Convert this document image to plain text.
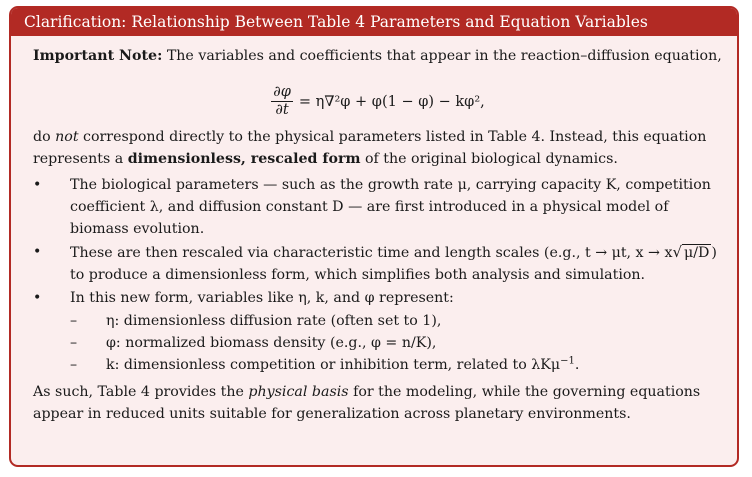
Clarification: Relationship Between Table 4 Parameters and Equation Variables

Important Note: The variables and coefficients that appear in the reaction–diffusion equation,

$\frac{\partial\varphi}{\partial t} = \eta\nabla^2\varphi + \varphi(1 - \varphi) - k\varphi^2$,

do not correspond directly to the physical parameters listed in Table 4. Instead, this equation represents a dimensionless, rescaled form of the original biological dynamics.

• The biological parameters — such as the growth rate μ, carrying capacity K, competition coefficient λ, and diffusion constant D — are first introduced in a physical model of biomass evolution.
• These are then rescaled via characteristic time and length scales (e.g., t → μt, x → x√ μ/D ) to produce a dimensionless form, which simplifies both analysis and simulation.
• In this new form, variables like η, k, and φ represent:
– η: dimensionless diffusion rate (often set to 1),
– φ: normalized biomass density (e.g., φ = n/K),
– k: dimensionless competition or inhibition term, related to λKμ$^{-1}$.

As such, Table 4 provides the physical basis for the modeling, while the governing equations appear in reduced units suitable for generalization across planetary environments.
